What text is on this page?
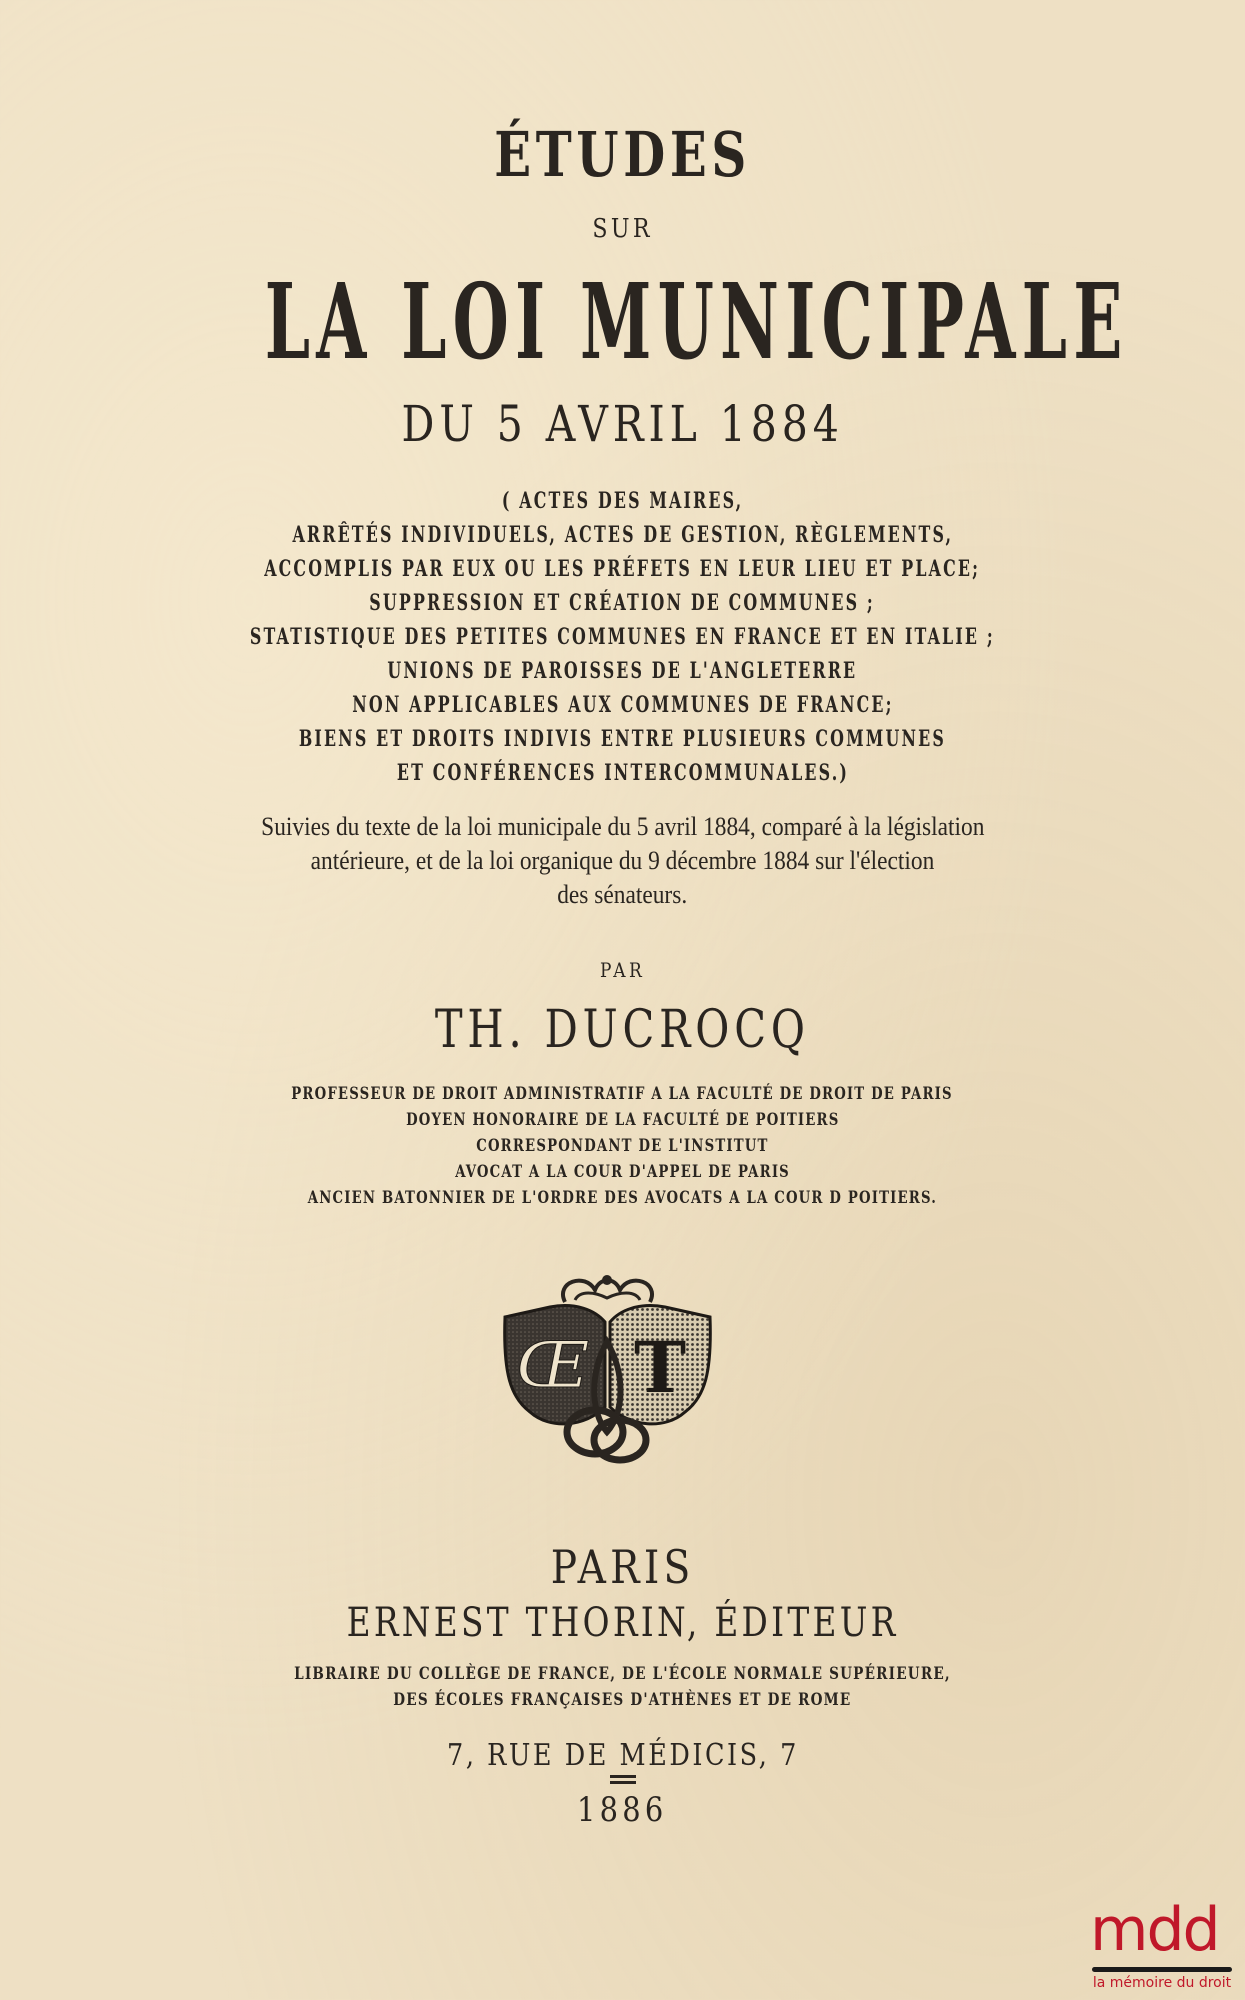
ÉTUDES
SUR
LA LOI MUNICIPALE
DU 5 AVRIL 1884
( ACTES DES MAIRES,
ARRÊTÉS INDIVIDUELS, ACTES DE GESTION, RÈGLEMENTS,
ACCOMPLIS PAR EUX OU LES PRÉFETS EN LEUR LIEU ET PLACE;
SUPPRESSION ET CRÉATION DE COMMUNES ;
STATISTIQUE DES PETITES COMMUNES EN FRANCE ET EN ITALIE ;
UNIONS DE PAROISSES DE L'ANGLETERRE
NON APPLICABLES AUX COMMUNES DE FRANCE;
BIENS ET DROITS INDIVIS ENTRE PLUSIEURS COMMUNES
ET CONFÉRENCES INTERCOMMUNALES.)
Suivies du texte de la loi municipale du 5 avril 1884, comparé à la législation
antérieure, et de la loi organique du 9 décembre 1884 sur l'élection
des sénateurs.
PAR
TH. DUCROCQ
PROFESSEUR DE DROIT ADMINISTRATIF A LA FACULTÉ DE DROIT DE PARIS
DOYEN HONORAIRE DE LA FACULTÉ DE POITIERS
CORRESPONDANT DE L'INSTITUT
AVOCAT A LA COUR D'APPEL DE PARIS
ANCIEN BATONNIER DE L'ORDRE DES AVOCATS A LA COUR D POITIERS.
Œ T
PARIS
ERNEST THORIN, ÉDITEUR
LIBRAIRE DU COLLÈGE DE FRANCE, DE L'ÉCOLE NORMALE SUPÉRIEURE,
DES ÉCOLES FRANÇAISES D'ATHÈNES ET DE ROME
7, RUE DE MÉDICIS, 7
1886
mdd
la mémoire du droit
